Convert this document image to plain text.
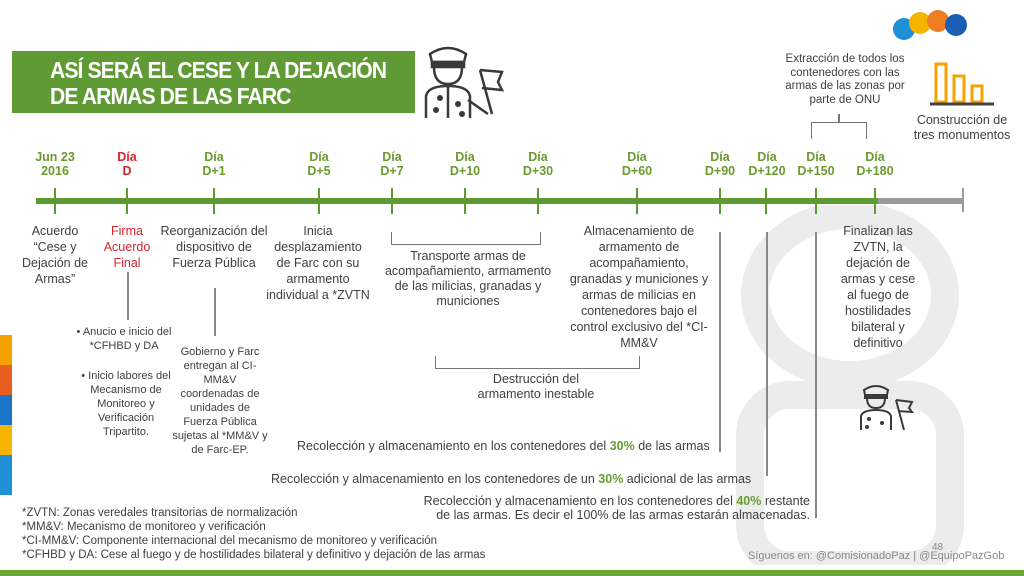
ASÍ SERÁ EL CESE Y LA DEJACIÓN
DE ARMAS DE LAS FARC
Jun 23
2016
Día
D
Día
D+1
Día
D+5
Día
D+7
Día
D+10
Día
D+30
Día
D+60
Día
D+90
Día
D+120
Día
D+150
Día
D+180
Extracción de todos los contenedores con las armas de las zonas por parte de ONU
Construcción de tres monumentos
Acuerdo “Cese y Dejación de Armas”
Firma Acuerdo Final
Reorganización del dispositivo de Fuerza Pública
Inicia desplazamiento de Farc con su armamento individual a *ZVTN
Transporte armas de acompañamiento, armamento de las milicias, granadas y municiones
Almacenamiento de armamento de acompañamiento, granadas y municiones y armas de milicias en contenedores bajo el control exclusivo del *CI-MM&V
Destrucción del armamento inestable
Finalizan las ZVTN, la dejación de armas y cese al fuego de hostilidades bilateral y definitivo
• Anucio e inicio del *CFHBD y DA
• Inicio labores del Mecanismo de Monitoreo y Verificación Tripartito.
Gobierno y Farc entregan al CI-MM&V coordenadas de unidades de Fuerza Pública sujetas al *MM&V y de Farc-EP.	Recolección y almacenamiento en los contenedores del 30% de las armas
Recolección y almacenamiento en los contenedores de un 30% adicional de las armas
Recolección y almacenamiento en los contenedores del 40% restante
de las armas. Es decir el 100% de las armas estarán almacenadas.
*ZVTN: Zonas veredales transitorias de normalización
*MM&V: Mecanismo de monitoreo y verificación
*CI-MM&V: Componente internacional del mecanismo de monitoreo y verificación
*CFHBD y DA: Cese al fuego y de hostilidades bilateral y definitivo y dejación de las armas	Síguenos en: @ComisionadoPaz | @EquipoPazGob
48
